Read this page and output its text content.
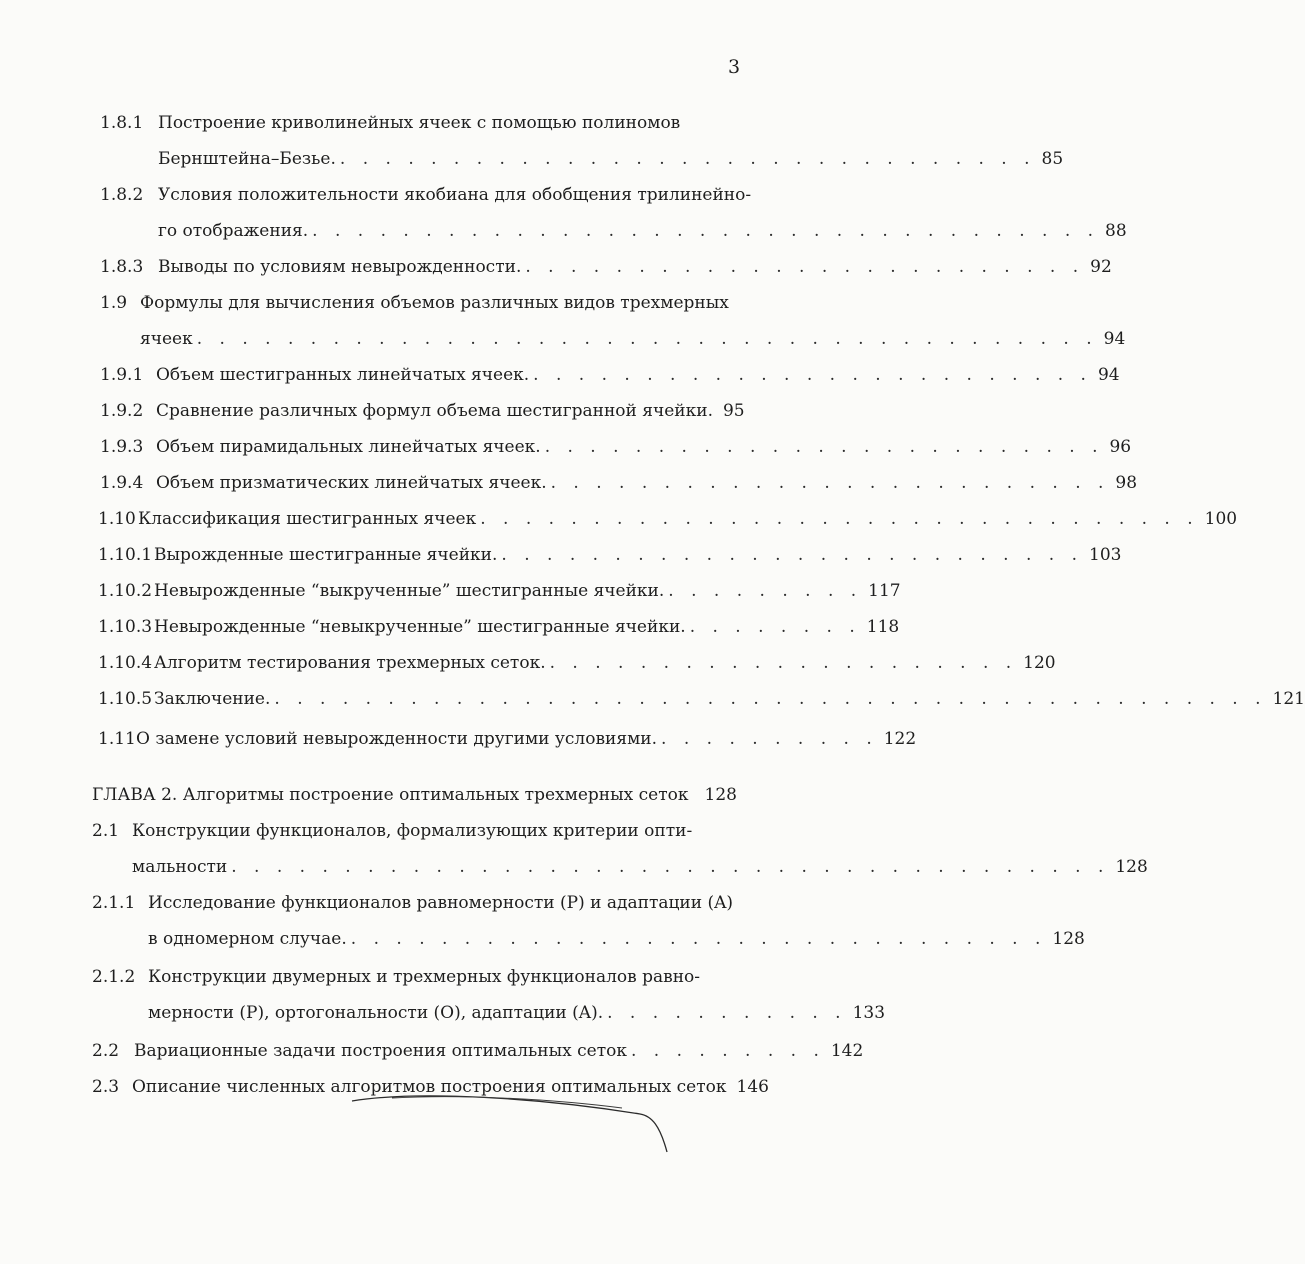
3
1.8.1 Построение криволинейных ячеек с помощью полиномов
Бернштейна–Безье. . . . . . . . . . . . . . . . . . . . . . . . . . . . . . . . 85
1.8.2 Условия положительности якобиана для обобщения трилинейно-
го отображения. . . . . . . . . . . . . . . . . . . . . . . . . . . . . . . . . . . . 88
1.8.3 Выводы по условиям невырожденности. . . . . . . . . . . . . . . . . . . . . . . . . . 92
1.9 Формулы для вычисления объемов различных видов трехмерных
ячеек . . . . . . . . . . . . . . . . . . . . . . . . . . . . . . . . . . . . . . . . 94
1.9.1 Объем шестигранных линейчатых ячеек. . . . . . . . . . . . . . . . . . . . . . . . . . 94
1.9.2 Сравнение различных формул объема шестигранной ячейки. 95
1.9.3 Объем пирамидальных линейчатых ячеек. . . . . . . . . . . . . . . . . . . . . . . . . . 96
1.9.4 Объем призматических линейчатых ячеек. . . . . . . . . . . . . . . . . . . . . . . . . . 98
1.10 Классификация шестигранных ячеек . . . . . . . . . . . . . . . . . . . . . . . . . . . . . . . . 100
1.10.1 Вырожденные шестигранные ячейки. . . . . . . . . . . . . . . . . . . . . . . . . . . 103
1.10.2 Невырожденные “выкрученные” шестигранные ячейки. . . . . . . . . . 117
1.10.3 Невырожденные “невыкрученные” шестигранные ячейки. . . . . . . . . 118
1.10.4 Алгоритм тестирования трехмерных сеток. . . . . . . . . . . . . . . . . . . . . . 120
1.10.5 Заключение. . . . . . . . . . . . . . . . . . . . . . . . . . . . . . . . . . . . . . . . . . . . . 121
1.11 О замене условий невырожденности другими условиями. . . . . . . . . . . 122
ГЛАВА 2. Алгоритмы построение оптимальных трехмерных сеток 128
2.1 Конструкции функционалов, формализующих критерии опти-
мальности . . . . . . . . . . . . . . . . . . . . . . . . . . . . . . . . . . . . . . . 128
2.1.1 Исследование функционалов равномерности (P) и адаптации (A)
в одномерном случае. . . . . . . . . . . . . . . . . . . . . . . . . . . . . . . . 128
2.1.2 Конструкции двумерных и трехмерных функционалов равно-
мерности (P), ортогональности (O), адаптации (A). . . . . . . . . . . . 133
2.2 Вариационные задачи построения оптимальных сеток . . . . . . . . . 142
2.3 Описание численных алгоритмов построения оптимальных сеток 146
